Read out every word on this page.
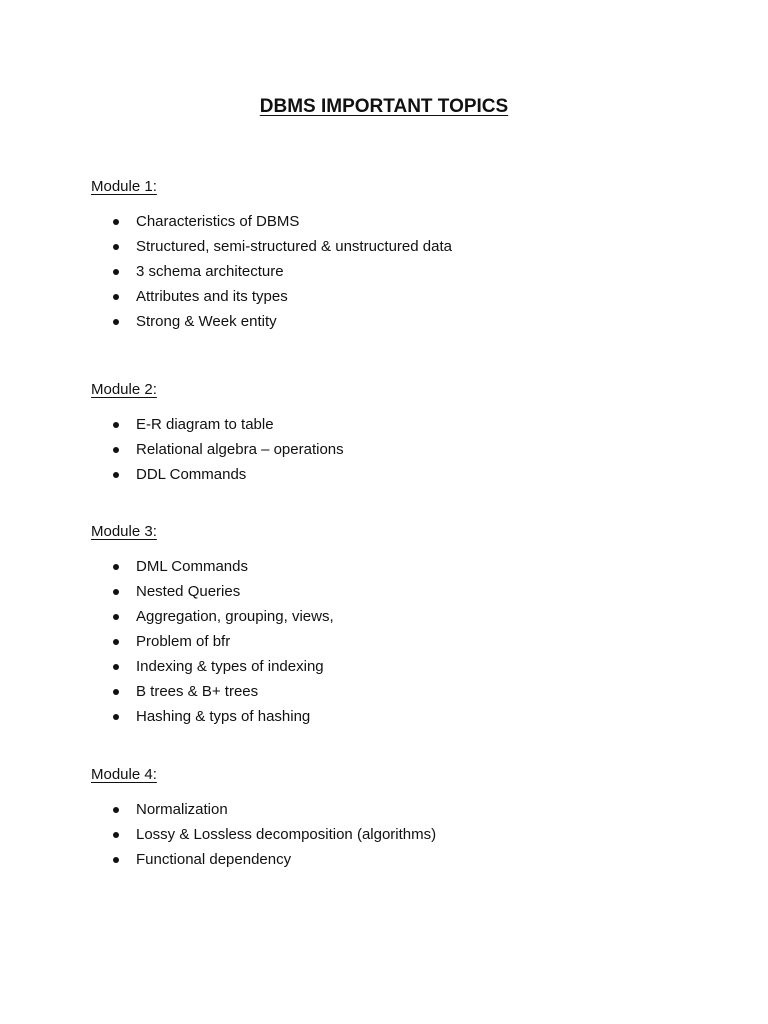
DBMS IMPORTANT TOPICS
Module 1:
Characteristics of DBMS
Structured, semi-structured & unstructured data
3 schema architecture
Attributes and its types
Strong & Week entity
Module 2:
E-R diagram to table
Relational algebra – operations
DDL Commands
Module 3:
DML Commands
Nested Queries
Aggregation, grouping, views,
Problem of bfr
Indexing & types of indexing
B trees & B+ trees
Hashing & typs of hashing
Module 4:
Normalization
Lossy & Lossless decomposition (algorithms)
Functional dependency
